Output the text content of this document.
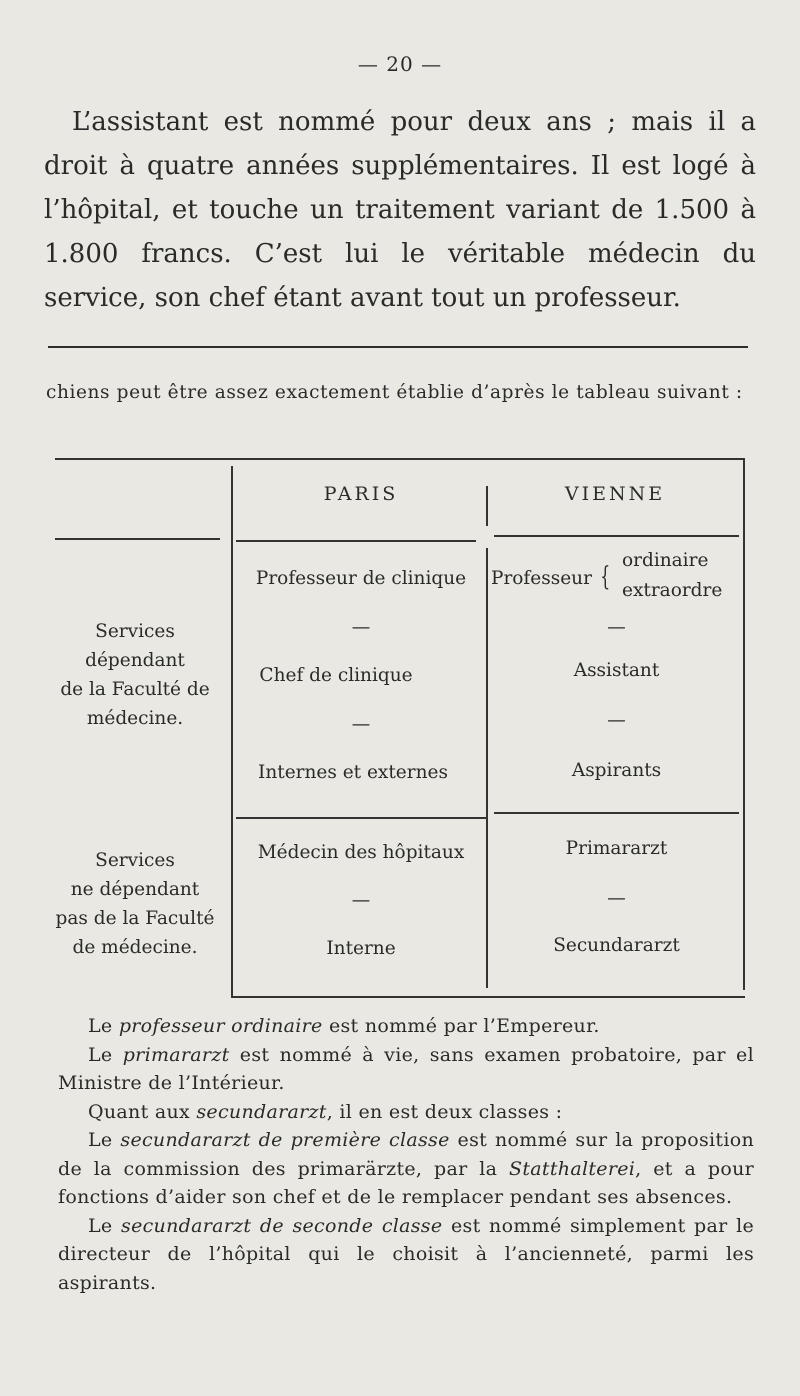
— 20 —

L’assistant est nommé pour deux ans ; mais il a droit à quatre années supplémentaires. Il est logé à l’hôpital, et touche un traitement variant de 1.500 à 1.800 francs. C’est lui le véritable médecin du service, son chef étant avant tout un professeur.

chiens peut être assez exactement établie d’après le tableau suivant :
PARIS	VIENNE
Services
dépendant
de la Faculté de
médecine.
Services
ne dépendant
pas de la Faculté
de médecine.
Professeur de clinique
—
Chef de clinique
—
Internes et externes
Médecin des hôpitaux
—
Interne
Professeur {
ordinaire
extraordre
—
Assistant
—
Aspirants
Primararzt
—
Secundararzt

Le professeur ordinaire est nommé par l’Empereur.

Le primararzt est nommé à vie, sans examen probatoire, par el Ministre de l’Intérieur.

Quant aux secundararzt, il en est deux classes :

Le secundararzt de première classe est nommé sur la proposition de la commission des primarärzte, par la Statthalterei, et a pour fonctions d’aider son chef et de le remplacer pendant ses absences.

Le secundararzt de seconde classe est nommé simplement par le directeur de l’hôpital qui le choisit à l’ancienneté, parmi les aspirants.
